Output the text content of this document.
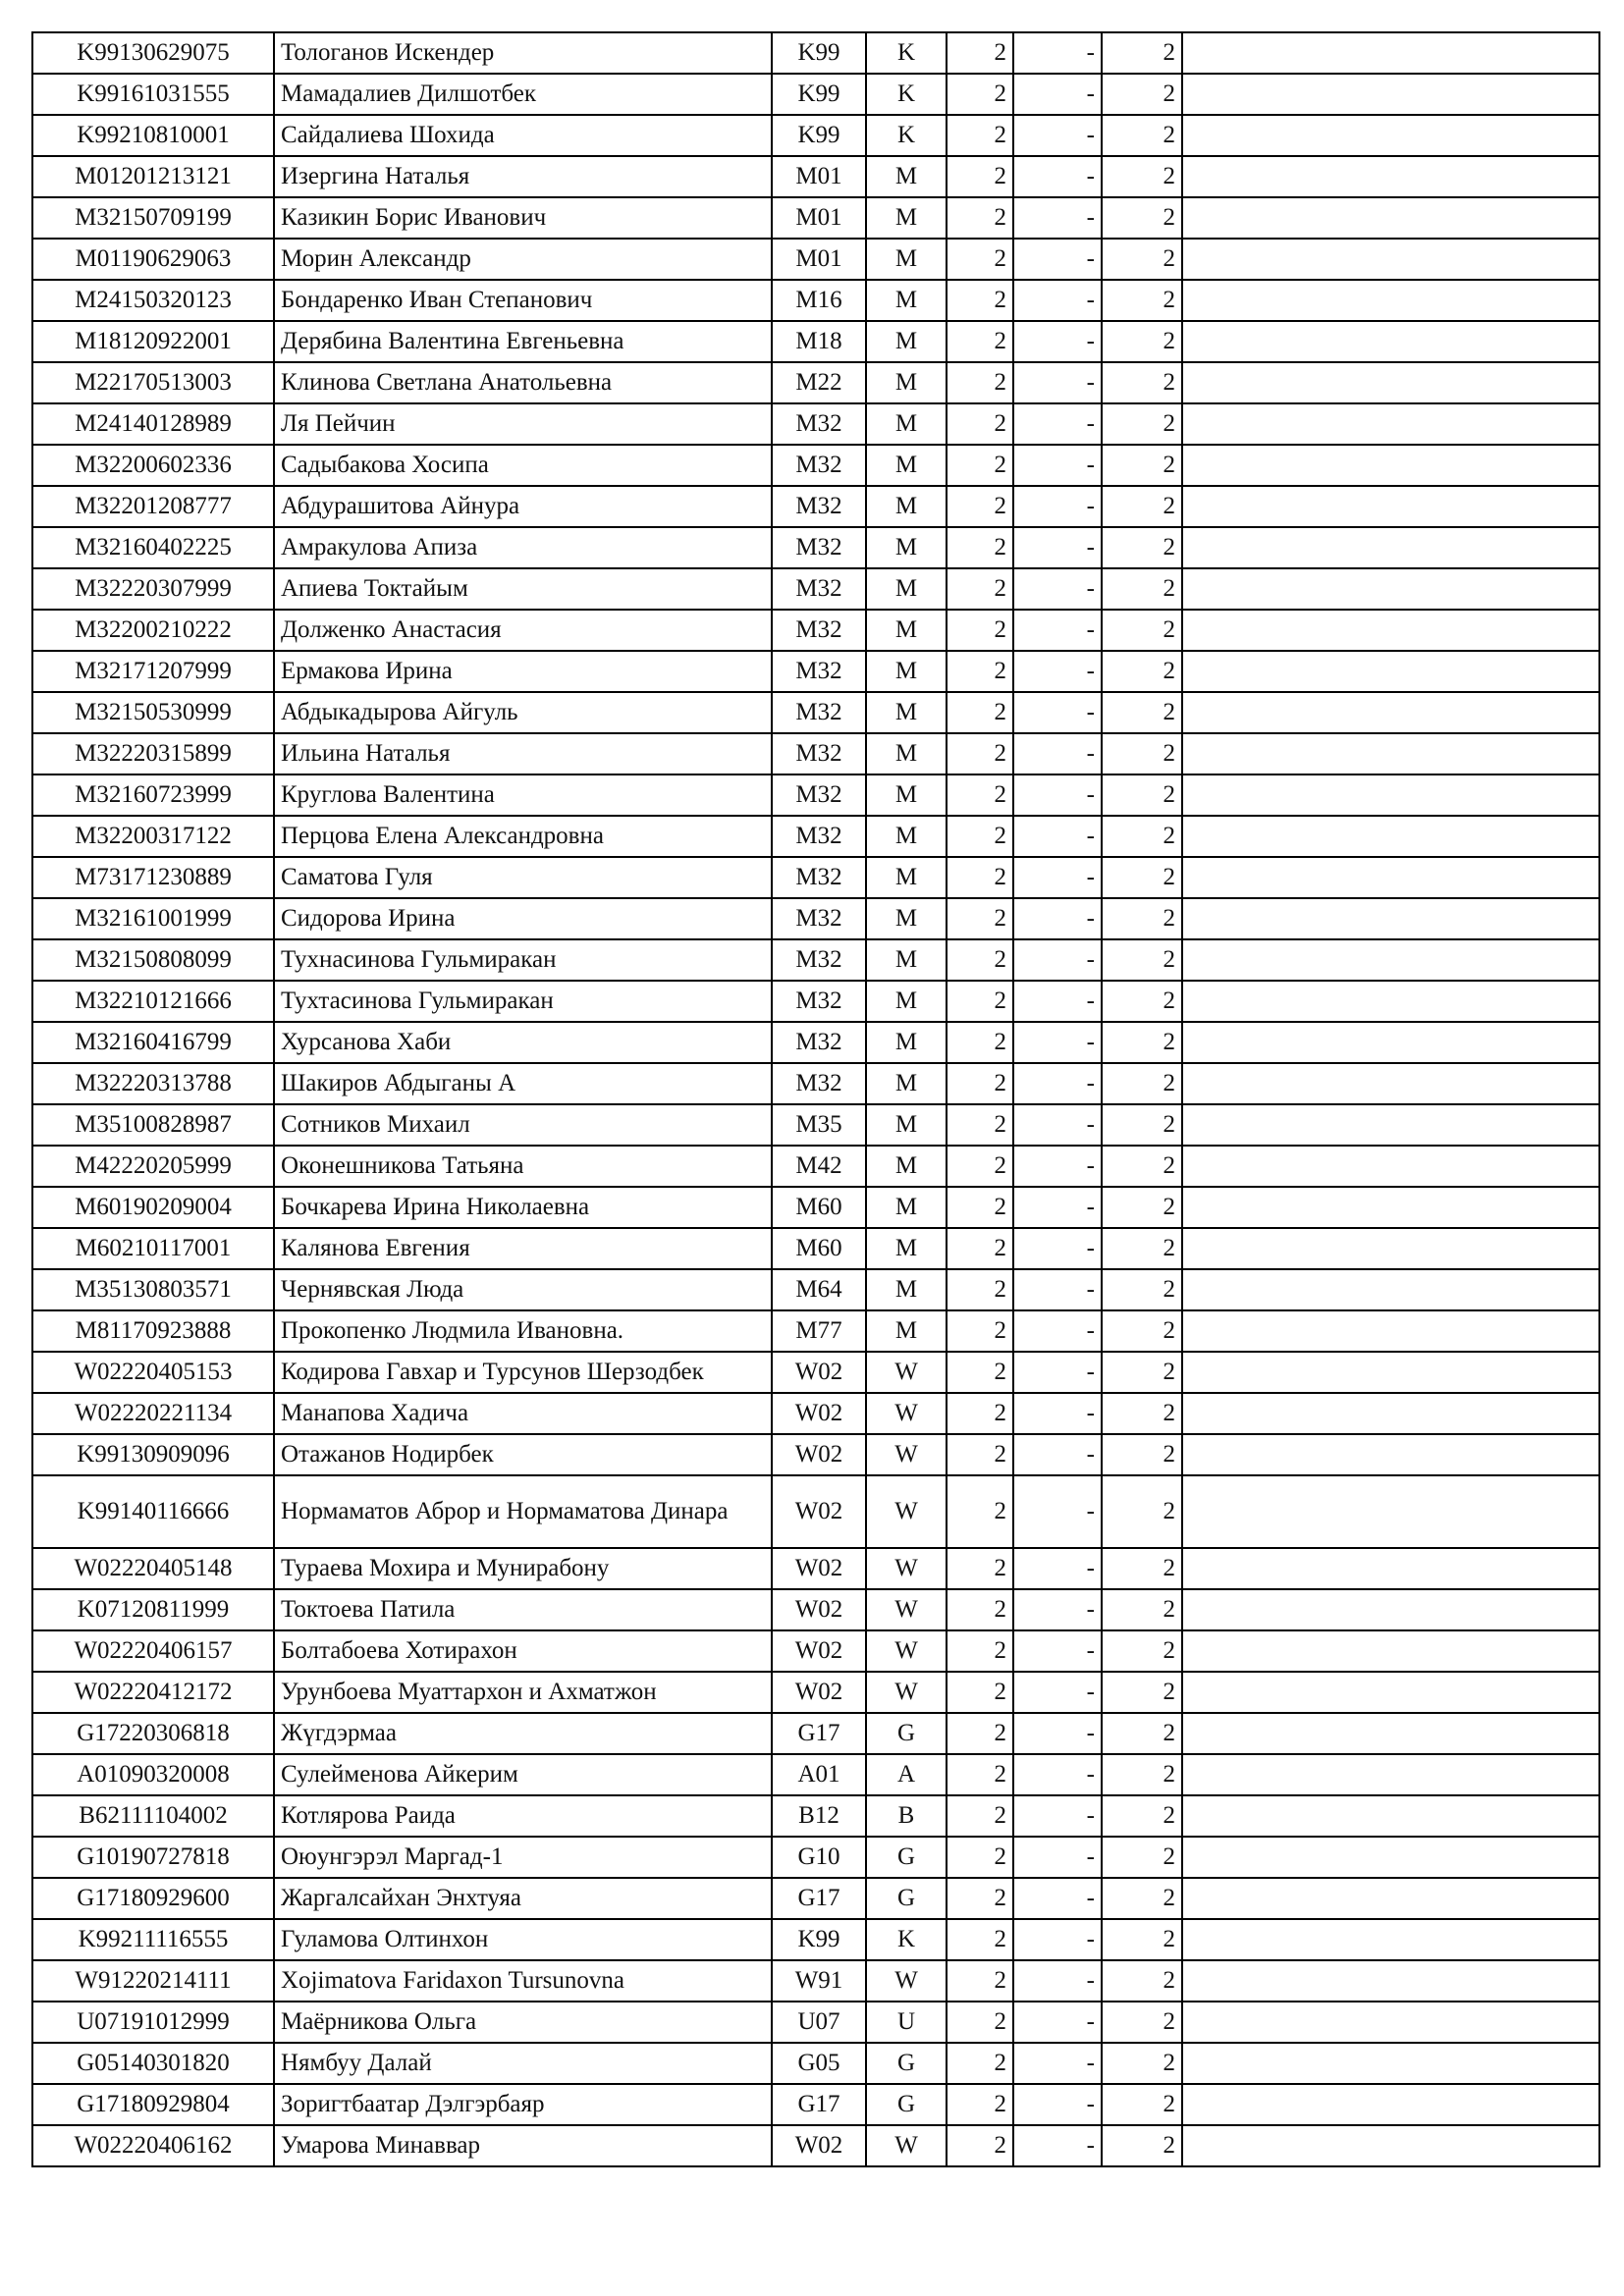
K99130629075	Тологанов Искендер	K99	K	2	-	2	
K99161031555	Мамадалиев Дилшотбек	K99	K	2	-	2	
K99210810001	Сайдалиева Шохида	K99	K	2	-	2	
M01201213121	Изергина Наталья	M01	M	2	-	2	
M32150709199	Казикин Борис Иванович	M01	M	2	-	2	
M01190629063	Морин Александр	M01	M	2	-	2	
M24150320123	Бондаренко Иван Степанович	M16	M	2	-	2	
M18120922001	Дерябина Валентина Евгеньевна	M18	M	2	-	2	
M22170513003	Клинова Светлана Анатольевна	M22	M	2	-	2	
M24140128989	Ля Пейчин	M32	M	2	-	2	
M32200602336	Садыбакова Хосипа	M32	M	2	-	2	
M32201208777	Абдурашитова Айнура	M32	M	2	-	2	
M32160402225	Амракулова Апиза	M32	M	2	-	2	
M32220307999	Апиева Токтайым	M32	M	2	-	2	
M32200210222	Долженко Анастасия	M32	M	2	-	2	
M32171207999	Ермакова Ирина	M32	M	2	-	2	
M32150530999	Абдыкадырова Айгуль	M32	M	2	-	2	
M32220315899	Ильина Наталья	M32	M	2	-	2	
M32160723999	Круглова Валентина	M32	M	2	-	2	
M32200317122	Перцова Елена Александровна	M32	M	2	-	2	
M73171230889	Саматова Гуля	M32	M	2	-	2	
M32161001999	Сидорова Ирина	M32	M	2	-	2	
M32150808099	Тухнасинова Гульмиракан	M32	M	2	-	2	
M32210121666	Тухтасинова Гульмиракан	M32	M	2	-	2	
M32160416799	Хурсанова Хаби	M32	M	2	-	2	
M32220313788	Шакиров Абдыганы А	M32	M	2	-	2	
M35100828987	Сотников Михаил	M35	M	2	-	2	
M42220205999	Оконешникова Татьяна	M42	M	2	-	2	
M60190209004	Бочкарева Ирина Николаевна	M60	M	2	-	2	
M60210117001	Калянова Евгения	M60	M	2	-	2	
M35130803571	Чернявская Люда	M64	M	2	-	2	
M81170923888	Прокопенко Людмила Ивановна.	M77	M	2	-	2	
W02220405153	Кодирова Гавхар и Турсунов Шерзодбек	W02	W	2	-	2	
W02220221134	Манапова Хадича	W02	W	2	-	2	
K99130909096	Отажанов Нодирбек	W02	W	2	-	2	
K99140116666	Нормаматов Аброр и Нормаматова Динара	W02	W	2	-	2	
W02220405148	Тураева Мохира и Мунирабону	W02	W	2	-	2	
K07120811999	Токтоева Патила	W02	W	2	-	2	
W02220406157	Болтабоева Хотирахон	W02	W	2	-	2	
W02220412172	Урунбоева Муаттархон и Ахматжон	W02	W	2	-	2	
G17220306818	Жүгдэрмаа	G17	G	2	-	2	
A01090320008	Сулейменова Айкерим	A01	A	2	-	2	
B62111104002	Котлярова Раида	B12	B	2	-	2	
G10190727818	Оюунгэрэл Маргад-1	G10	G	2	-	2	
G17180929600	Жаргалсайхан Энхтуяа	G17	G	2	-	2	
K99211116555	Гуламова Олтинхон	K99	K	2	-	2	
W91220214111	Xojimatova Faridaxon Tursunovna	W91	W	2	-	2	
U07191012999	Маёрникова Ольга	U07	U	2	-	2	
G05140301820	Нямбуу Далай	G05	G	2	-	2	
G17180929804	Зоригтбаатар Дэлгэрбаяр	G17	G	2	-	2	
W02220406162	Умарова Минаввар	W02	W	2	-	2	
